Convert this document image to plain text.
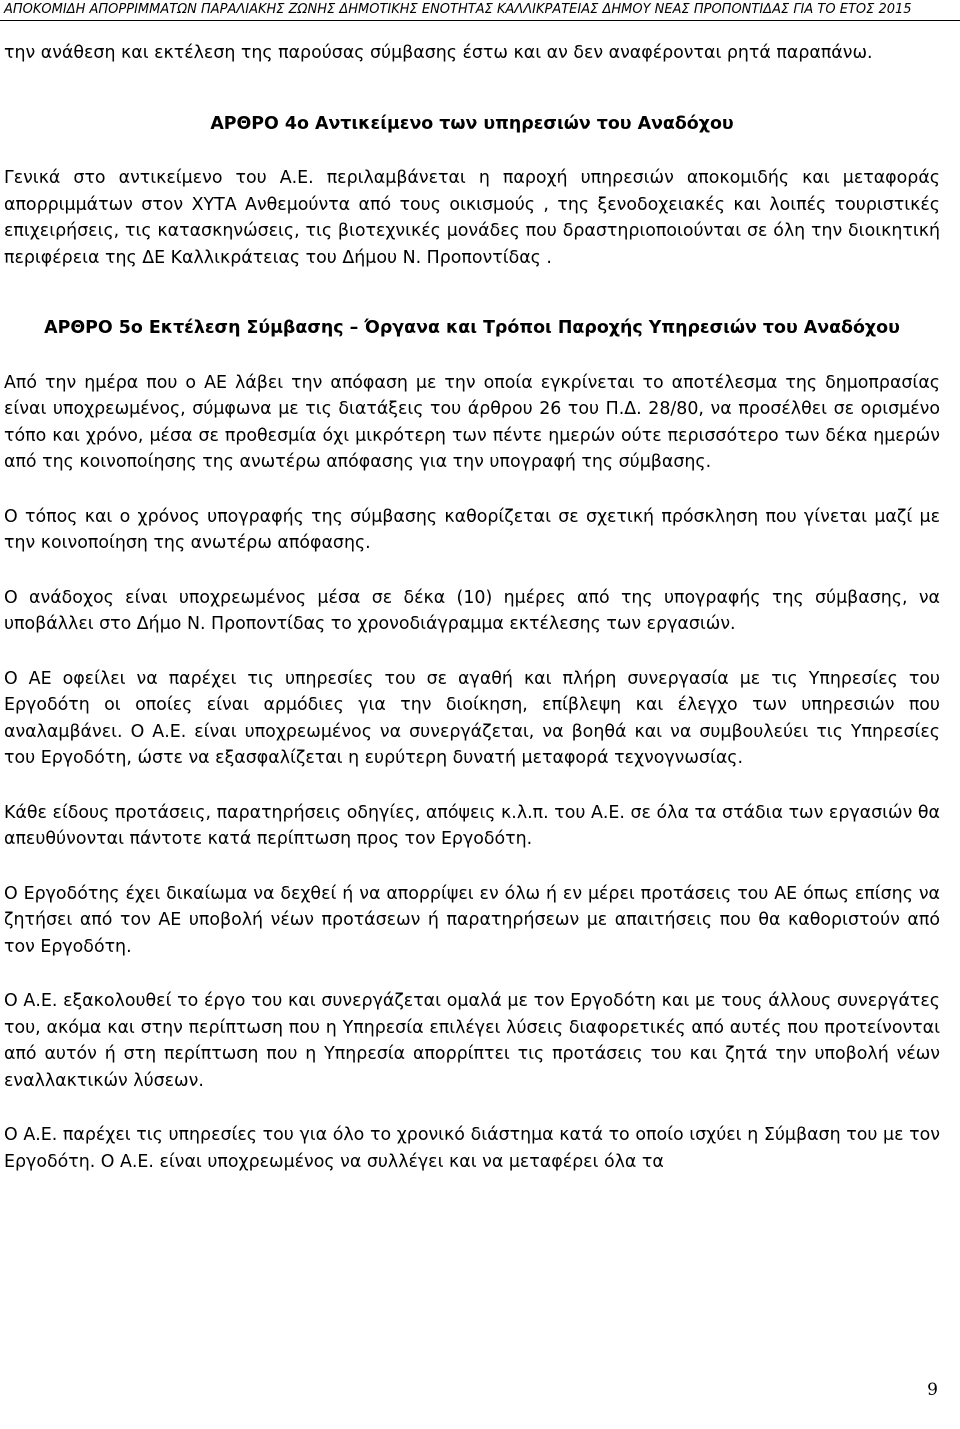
ΑΠΟΚΟΜΙΔΗ ΑΠΟΡΡΙΜΜΑΤΩΝ ΠΑΡΑΛΙΑΚΗΣ ΖΩΝΗΣ ΔΗΜΟΤΙΚΗΣ ΕΝΟΤΗΤΑΣ ΚΑΛΛΙΚΡΑΤΕΙΑΣ ΔΗΜΟΥ ΝΕΑΣ ΠΡΟΠΟΝΤΙΔΑΣ ΓΙΑ ΤΟ ΕΤΟΣ 2015

την ανάθεση και εκτέλεση της παρούσας σύμβασης έστω και αν δεν αναφέρονται ρητά παραπάνω.

ΑΡΘΡΟ 4ο Αντικείμενο των υπηρεσιών του Αναδόχου

Γενικά στο αντικείμενο του Α.Ε. περιλαμβάνεται η παροχή υπηρεσιών αποκομιδής και μεταφοράς απορριμμάτων στον ΧΥΤΑ Ανθεμούντα από τους οικισμούς , της ξενοδοχειακές και λοιπές τουριστικές επιχειρήσεις, τις κατασκηνώσεις, τις βιοτεχνικές μονάδες που δραστηριοποιούνται σε όλη την διοικητική περιφέρεια της ΔΕ Καλλικράτειας του Δήμου Ν. Προποντίδας .

ΑΡΘΡΟ 5ο Εκτέλεση Σύμβασης – Όργανα και Τρόποι Παροχής Υπηρεσιών του Αναδόχου

Από την ημέρα που ο ΑΕ λάβει την απόφαση με την οποία εγκρίνεται το αποτέλεσμα της δημοπρασίας είναι υποχρεωμένος, σύμφωνα με τις διατάξεις του άρθρου 26 του Π.Δ. 28/80, να προσέλθει σε ορισμένο τόπο και χρόνο, μέσα σε προθεσμία όχι μικρότερη των πέντε ημερών ούτε περισσότερο των δέκα ημερών από της κοινοποίησης της ανωτέρω απόφασης για την υπογραφή της σύμβασης.

Ο τόπος και ο χρόνος υπογραφής της σύμβασης καθορίζεται σε σχετική πρόσκληση που γίνεται μαζί με την κοινοποίηση της ανωτέρω απόφασης.

Ο ανάδοχος είναι υποχρεωμένος μέσα σε δέκα (10) ημέρες από της υπογραφής της σύμβασης, να υποβάλλει στο Δήμο Ν. Προποντίδας το χρονοδιάγραμμα εκτέλεσης των εργασιών.

Ο ΑΕ οφείλει να παρέχει τις υπηρεσίες του σε αγαθή και πλήρη συνεργασία με τις Υπηρεσίες του Εργοδότη οι οποίες είναι αρμόδιες για την διοίκηση, επίβλεψη και έλεγχο των υπηρεσιών που αναλαμβάνει. Ο Α.Ε. είναι υποχρεωμένος να συνεργάζεται, να βοηθά και να συμβουλεύει τις Υπηρεσίες του Εργοδότη, ώστε να εξασφαλίζεται η ευρύτερη δυνατή μεταφορά τεχνογνωσίας.

Κάθε είδους προτάσεις, παρατηρήσεις οδηγίες, απόψεις κ.λ.π. του Α.Ε. σε όλα τα στάδια των εργασιών θα απευθύνονται πάντοτε κατά περίπτωση προς τον Εργοδότη.

Ο Εργοδότης έχει δικαίωμα να δεχθεί ή να απορρίψει εν όλω ή εν μέρει προτάσεις του ΑΕ όπως επίσης να ζητήσει από τον ΑΕ υποβολή νέων προτάσεων ή παρατηρήσεων με απαιτήσεις που θα καθοριστούν από τον Εργοδότη.

Ο Α.Ε. εξακολουθεί το έργο του και συνεργάζεται ομαλά με τον Εργοδότη και με τους άλλους συνεργάτες του, ακόμα και στην περίπτωση που η Υπηρεσία επιλέγει λύσεις διαφορετικές από αυτές που προτείνονται από αυτόν ή στη περίπτωση που η Υπηρεσία απορρίπτει τις προτάσεις του και ζητά την υποβολή νέων εναλλακτικών λύσεων.

Ο Α.Ε. παρέχει τις υπηρεσίες του για όλο το χρονικό διάστημα κατά το οποίο ισχύει η Σύμβαση του με τον Εργοδότη. Ο Α.Ε. είναι υποχρεωμένος να συλλέγει και να μεταφέρει όλα τα

9
